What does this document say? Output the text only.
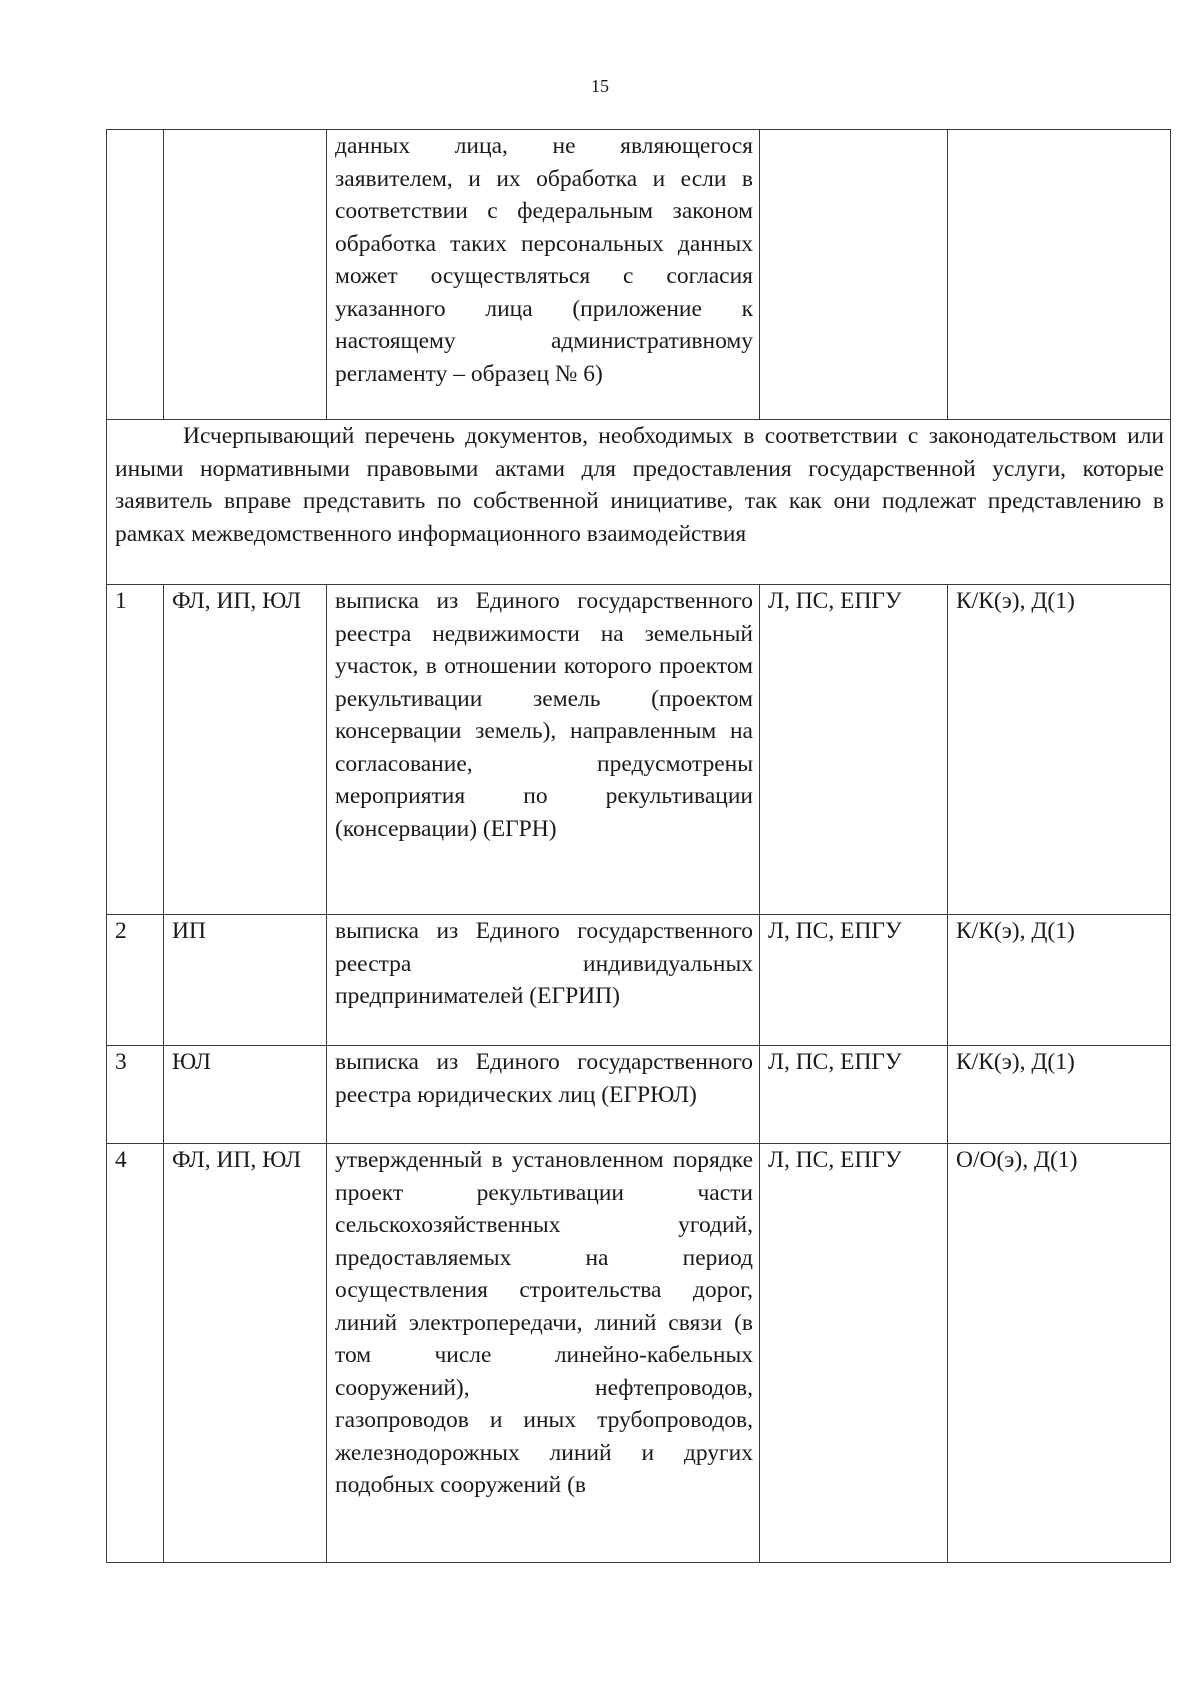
15
		данных лица, не являющегося заявителем, и их обработка и если в соответствии с федеральным законом обработка таких персональных данных может осуществляться с согласия указанного лица (приложение к настоящему административному регламенту – образец № 6)		
Исчерпывающий перечень документов, необходимых в соответствии с законодательством или иными нормативными правовыми актами для предоставления государственной услуги, которые заявитель вправе представить по собственной инициативе, так как они подлежат представлению в рамках межведомственного информационного взаимодействия				
1	ФЛ, ИП, ЮЛ	выписка из Единого государственного реестра недвижимости на земельный участок, в отношении которого проектом рекультивации земель (проектом консервации земель), направленным на согласование, предусмотрены мероприятия по рекультивации (консервации) (ЕГРН)	Л, ПС, ЕПГУ	К/К(э), Д(1)
2	ИП	выписка из Единого государственного реестра индивидуальных предпринимателей (ЕГРИП)	Л, ПС, ЕПГУ	К/К(э), Д(1)
3	ЮЛ	выписка из Единого государственного реестра юридических лиц (ЕГРЮЛ)	Л, ПС, ЕПГУ	К/К(э), Д(1)
4	ФЛ, ИП, ЮЛ	утвержденный в установленном порядке проект рекультивации части сельскохозяйственных угодий, предоставляемых на период осуществления строительства дорог, линий электропередачи, линий связи (в том числе линейно-кабельных сооружений), нефтепроводов, газопроводов и иных трубопроводов, железнодорожных линий и других подобных сооружений (в	Л, ПС, ЕПГУ	О/О(э), Д(1)
